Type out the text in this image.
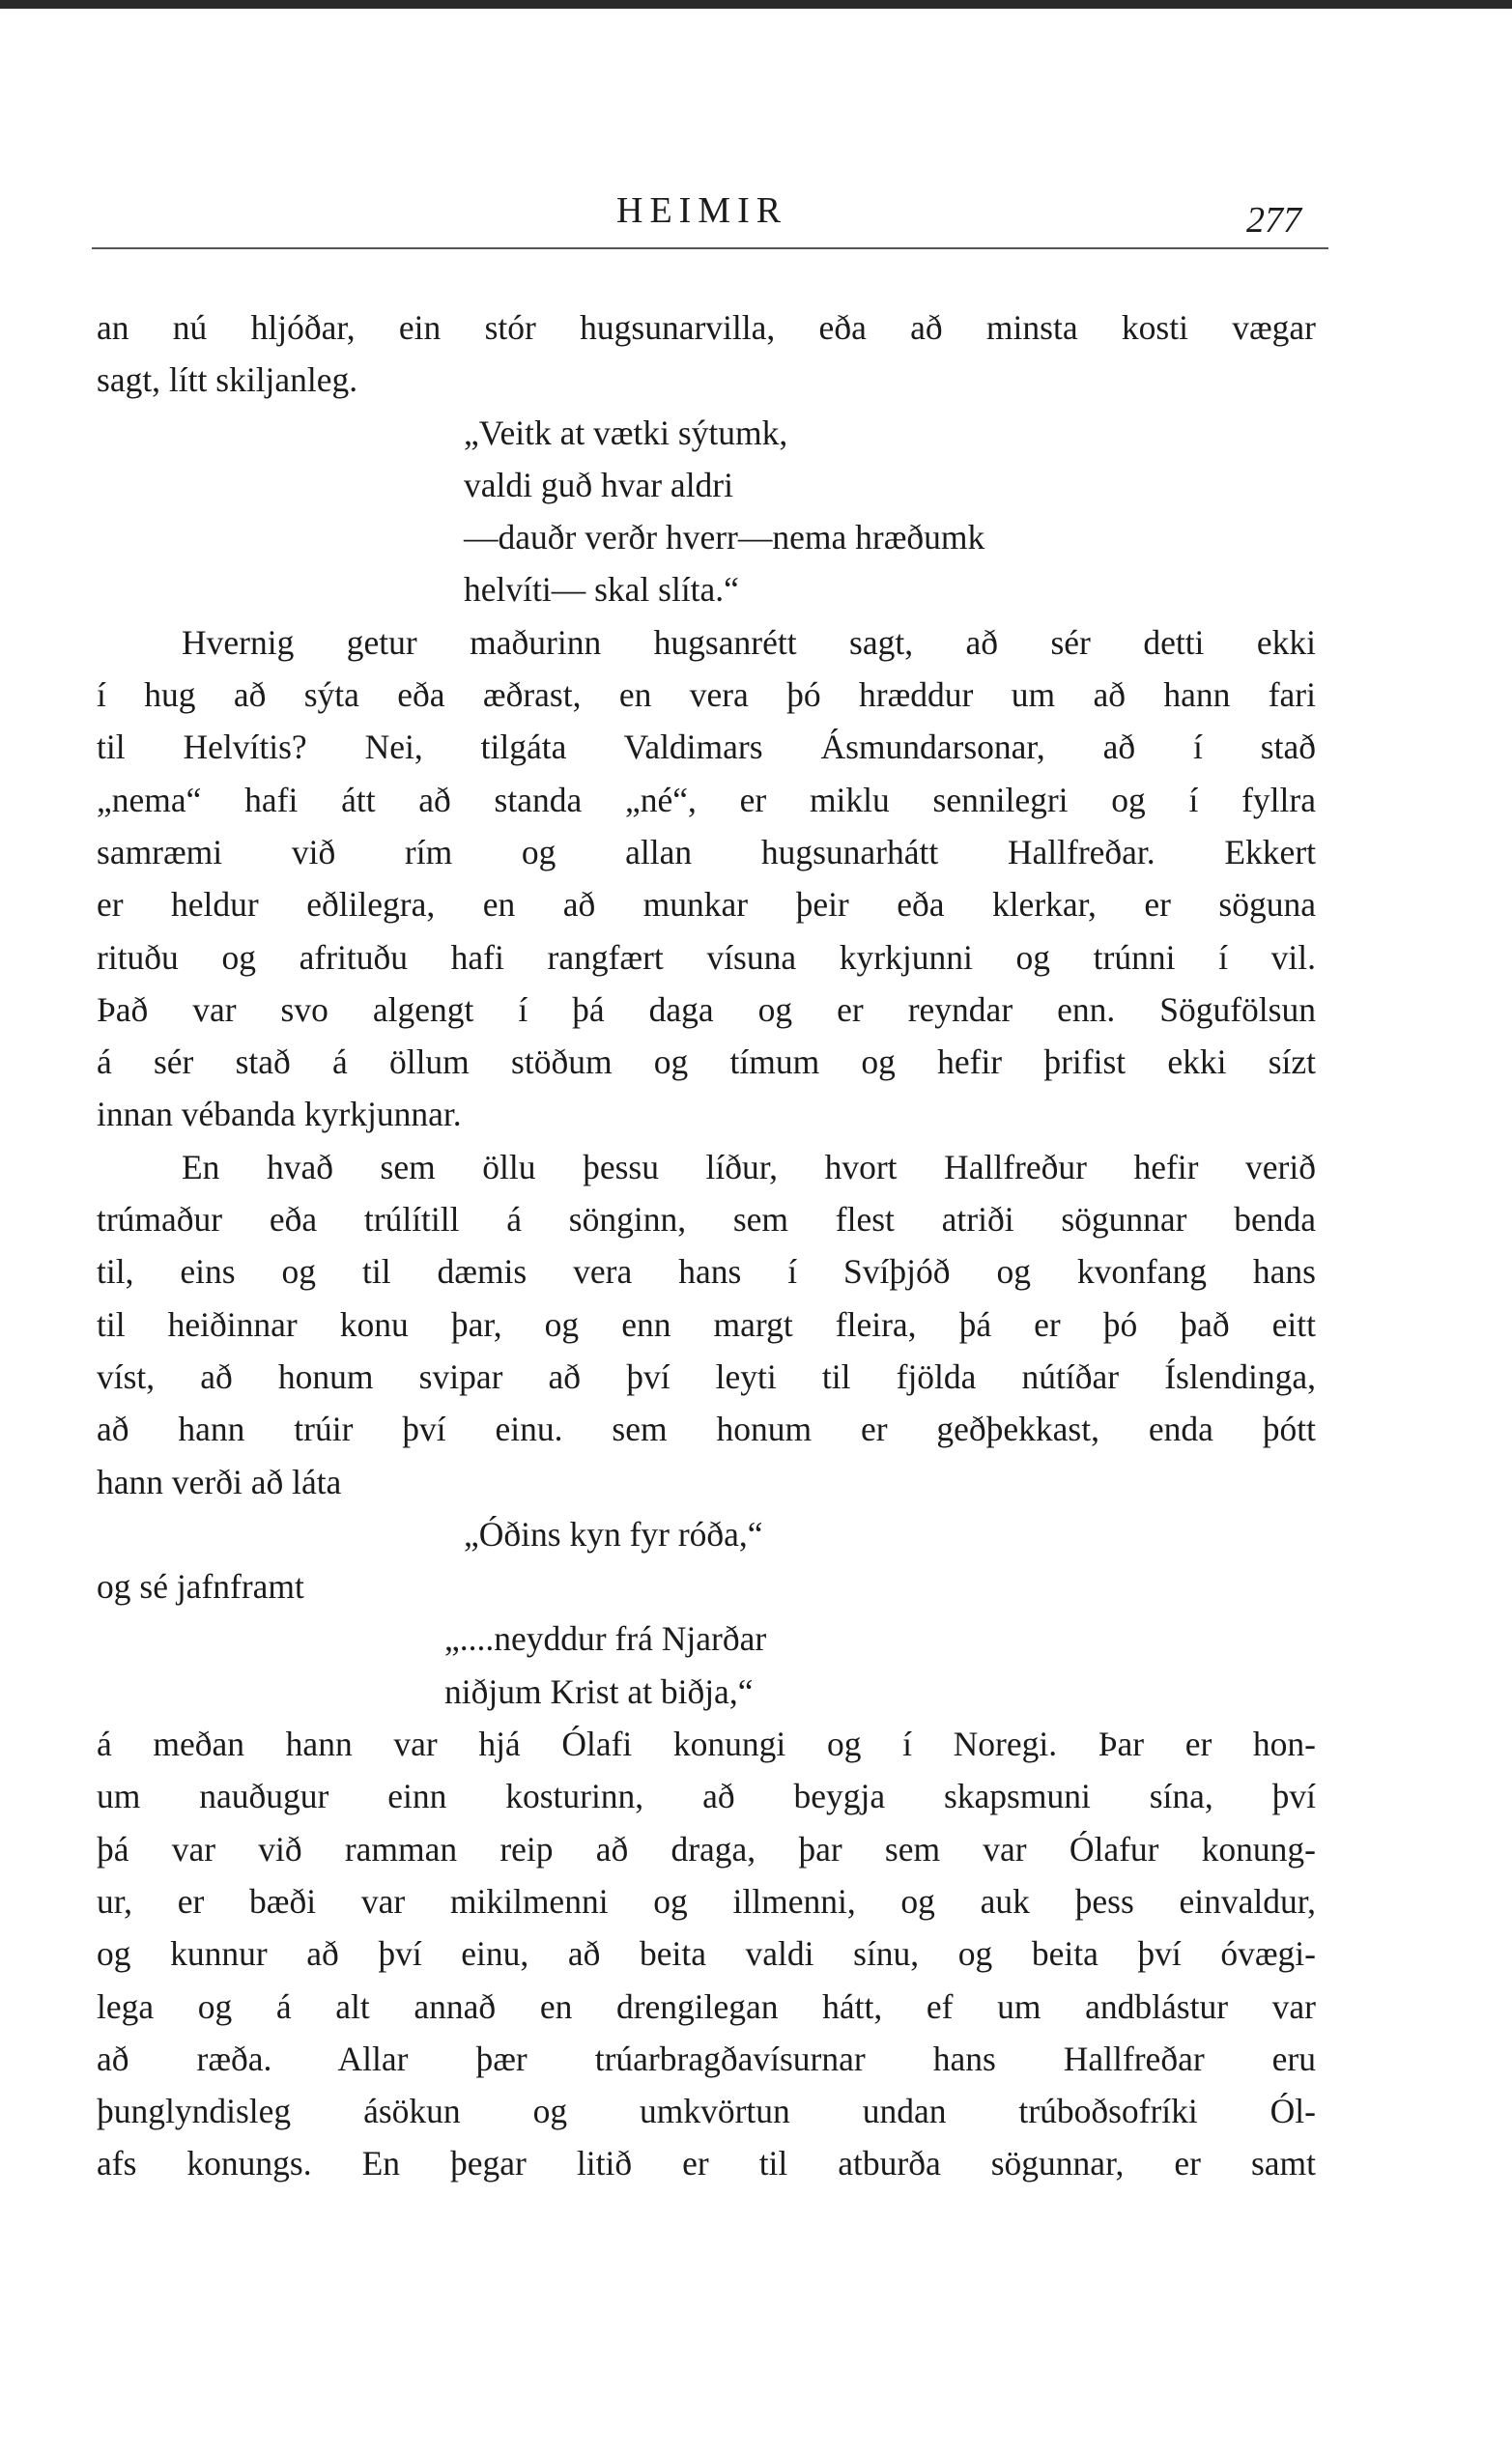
HEIMIR	277
an nú hljóðar, ein stór hugsunarvilla, eða að minsta kosti vægar
sagt, lítt skiljanleg.
„Veitk at vætki sýtumk,
valdi guð hvar aldri
—dauðr verðr hverr—nema hræðumk
helvíti— skal slíta.“
Hvernig getur maðurinn hugsanrétt sagt, að sér detti ekki
í hug að sýta eða æðrast, en vera þó hræddur um að hann fari
til Helvítis? Nei, tilgáta Valdimars Ásmundarsonar, að í stað
„nema“ hafi átt að standa „né“, er miklu sennilegri og í fyllra
samræmi við rím og allan hugsunarhátt Hallfreðar. Ekkert
er heldur eðlilegra, en að munkar þeir eða klerkar, er söguna
rituðu og afrituðu hafi rangfært vísuna kyrkjunni og trúnni í vil.
Það var svo algengt í þá daga og er reyndar enn. Sögufölsun
á sér stað á öllum stöðum og tímum og hefir þrifist ekki sízt
innan vébanda kyrkjunnar.
En hvað sem öllu þessu líður, hvort Hallfreður hefir verið
trúmaður eða trúlítill á sönginn, sem flest atriði sögunnar benda
til, eins og til dæmis vera hans í Svíþjóð og kvonfang hans
til heiðinnar konu þar, og enn margt fleira, þá er þó það eitt
víst, að honum svipar að því leyti til fjölda nútíðar Íslendinga,
að hann trúir því einu. sem honum er geðþekkast, enda þótt
hann verði að láta
„Óðins kyn fyr róða,“
og sé jafnframt
„....neyddur frá Njarðar
niðjum Krist at biðja,“
á meðan hann var hjá Ólafi konungi og í Noregi. Þar er hon-
um nauðugur einn kosturinn, að beygja skapsmuni sína, því
þá var við ramman reip að draga, þar sem var Ólafur konung-
ur, er bæði var mikilmenni og illmenni, og auk þess einvaldur,
og kunnur að því einu, að beita valdi sínu, og beita því óvægi-
lega og á alt annað en drengilegan hátt, ef um andblástur var
að ræða. Allar þær trúarbragðavísurnar hans Hallfreðar eru
þunglyndisleg ásökun og umkvörtun undan trúboðsofríki Ól-
afs konungs. En þegar litið er til atburða sögunnar, er samt
